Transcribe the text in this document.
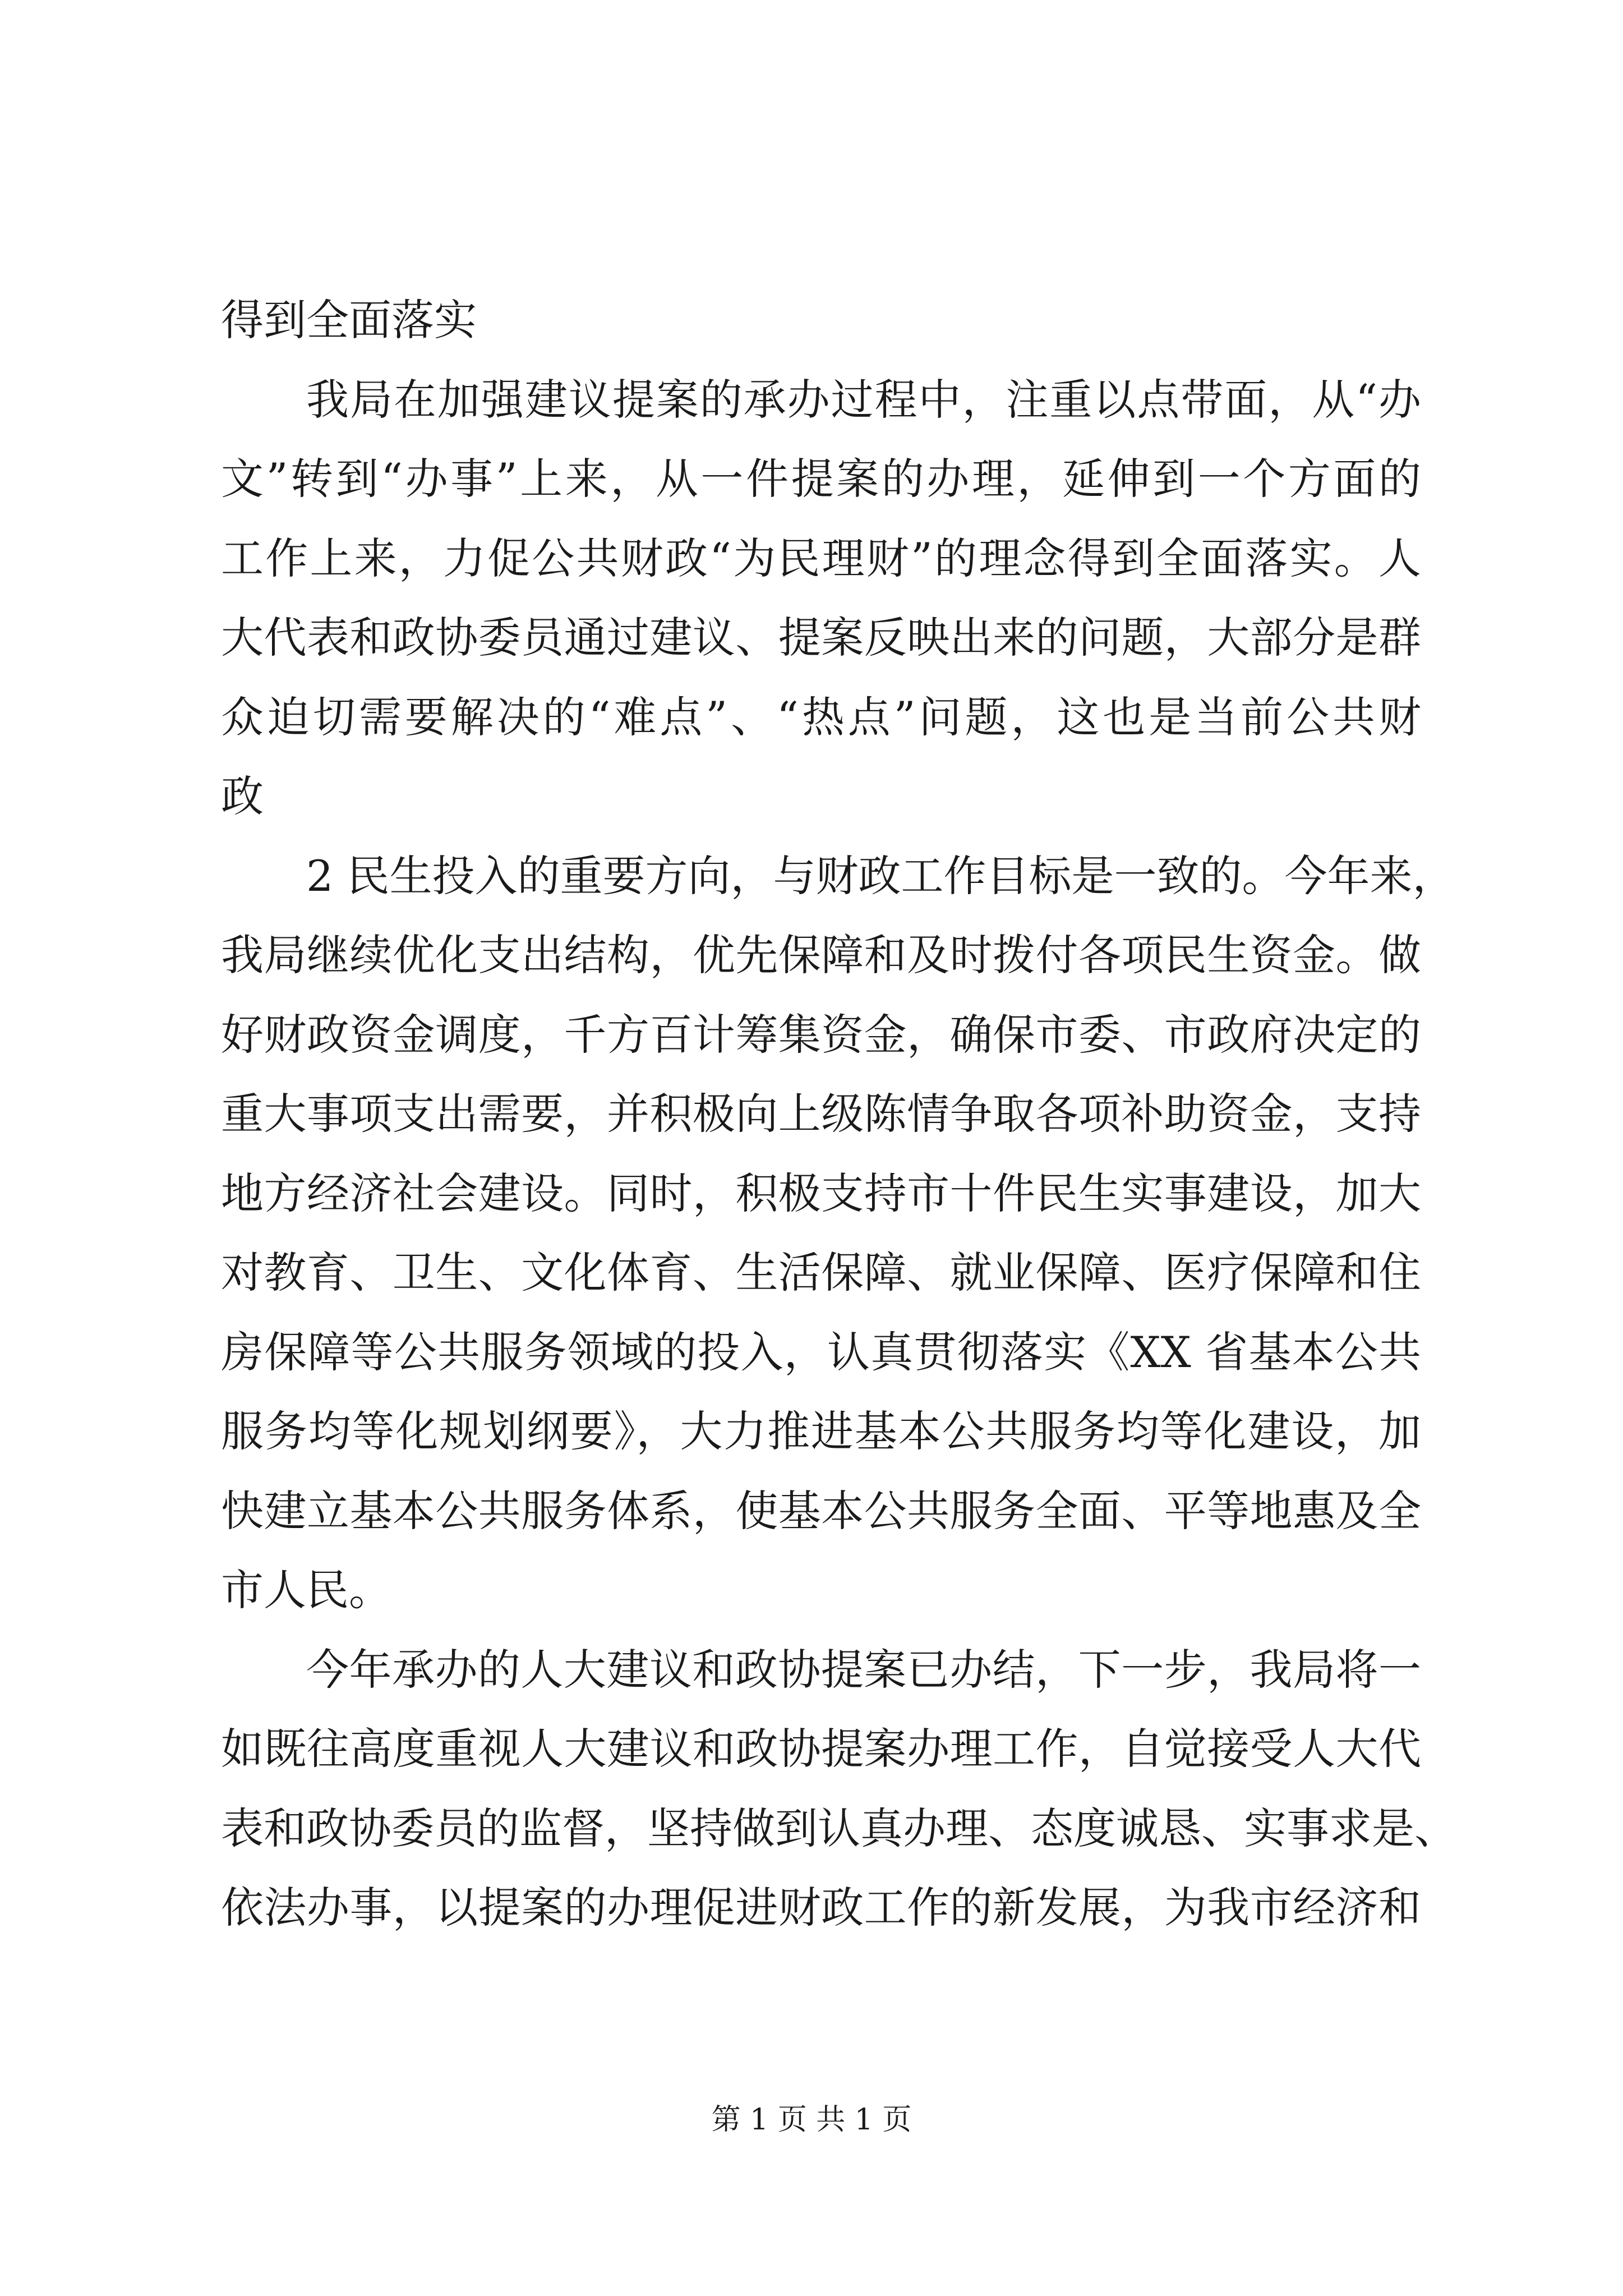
得到全面落实
我局在加强建议提案的承办过程中，注重以点带面，从“办
文”转到“办事”上来，从一件提案的办理，延伸到一个方面的
工作上来，力促公共财政“为民理财”的理念得到全面落实。人
大代表和政协委员通过建议、提案反映出来的问题，大部分是群
众迫切需要解决的“难点”、“热点”问题，这也是当前公共财
政
2 民生投入的重要方向，与财政工作目标是一致的。今年来，
我局继续优化支出结构，优先保障和及时拨付各项民生资金。做
好财政资金调度，千方百计筹集资金，确保市委、市政府决定的
重大事项支出需要，并积极向上级陈情争取各项补助资金，支持
地方经济社会建设。同时，积极支持市十件民生实事建设，加大
对教育、卫生、文化体育、生活保障、就业保障、医疗保障和住
房保障等公共服务领域的投入，认真贯彻落实《XX 省基本公共
服务均等化规划纲要》，大力推进基本公共服务均等化建设，加
快建立基本公共服务体系，使基本公共服务全面、平等地惠及全
市人民。
今年承办的人大建议和政协提案已办结，下一步，我局将一
如既往高度重视人大建议和政协提案办理工作，自觉接受人大代
表和政协委员的监督，坚持做到认真办理、态度诚恳、实事求是、
依法办事，以提案的办理促进财政工作的新发展，为我市经济和
第 1 页 共 1 页
